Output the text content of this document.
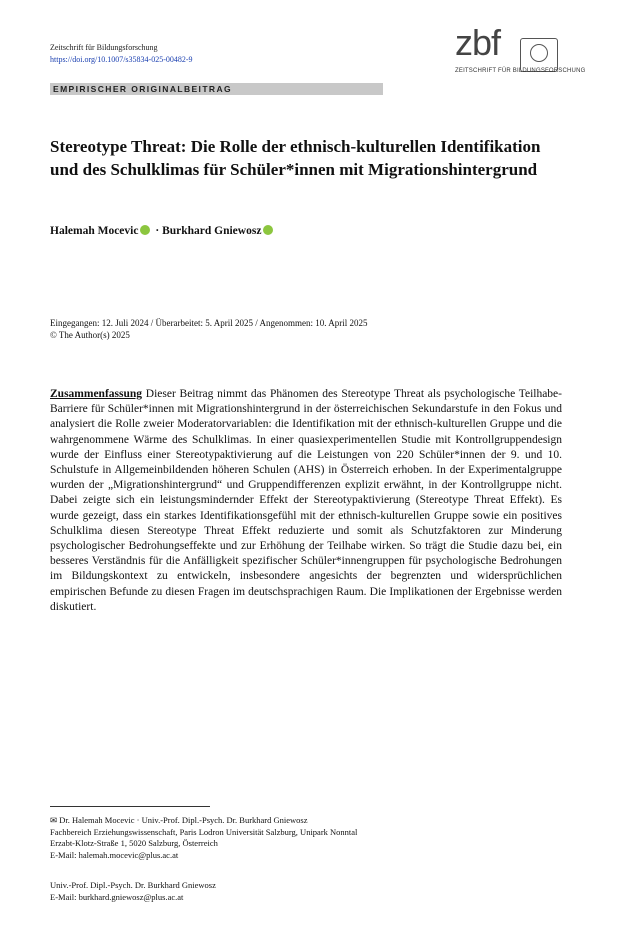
Zeitschrift für Bildungsforschung
https://doi.org/10.1007/s35834-025-00482-9	zbf
ZEITSCHRIFT FÜR BILDUNGSFORSCHUNG
EMPIRISCHER ORIGINALBEITRAG
Stereotype Threat: Die Rolle der ethnisch-kulturellen Identifikation und des Schulklimas für Schüler*innen mit Migrationshintergrund
Halemah Mocevic · Burkhard Gniewosz
Eingegangen: 12. Juli 2024 / Überarbeitet: 5. April 2025 / Angenommen: 10. April 2025
© The Author(s) 2025
Zusammenfassung Dieser Beitrag nimmt das Phänomen des Stereotype Threat als psychologische Teilhabe-Barriere für Schüler*innen mit Migrationshintergrund in der österreichischen Sekundarstufe in den Fokus und analysiert die Rolle zweier Moderatorvariablen: die Identifikation mit der ethnisch-kulturellen Gruppe und die wahrgenommene Wärme des Schulklimas. In einer quasiexperimentellen Studie mit Kontrollgruppendesign wurde der Einfluss einer Stereotypaktivierung auf die Leistungen von 220 Schüler*innen der 9. und 10. Schulstufe in Allgemeinbildenden höheren Schulen (AHS) in Österreich erhoben. In der Experimentalgruppe wurden der „Migrationshintergrund“ und Gruppendifferenzen explizit erwähnt, in der Kontrollgruppe nicht. Dabei zeigte sich ein leistungsmindernder Effekt der Stereotypaktivierung (Stereotype Threat Effekt). Es wurde gezeigt, dass ein starkes Identifikationsgefühl mit der ethnisch-kulturellen Gruppe sowie ein positives Schulklima diesen Stereotype Threat Effekt reduzierte und somit als Schutzfaktoren zur Minderung psychologischer Bedrohungseffekte und zur Erhöhung der Teilhabe wirken. So trägt die Studie dazu bei, ein besseres Verständnis für die Anfälligkeit spezifischer Schüler*innengruppen für psychologische Bedrohungen im Bildungskontext zu entwickeln, insbesondere angesichts der begrenzten und widersprüchlichen empirischen Befunde zu diesen Fragen im deutschsprachigen Raum. Die Implikationen der Ergebnisse werden diskutiert.
✉ Dr. Halemah Mocevic · Univ.-Prof. Dipl.-Psych. Dr. Burkhard Gniewosz
Fachbereich Erziehungswissenschaft, Paris Lodron Universität Salzburg, Unipark Nonntal
Erzabt-Klotz-Straße 1, 5020 Salzburg, Österreich
E-Mail: halemah.mocevic@plus.ac.at
Univ.-Prof. Dipl.-Psych. Dr. Burkhard Gniewosz
E-Mail: burkhard.gniewosz@plus.ac.at
